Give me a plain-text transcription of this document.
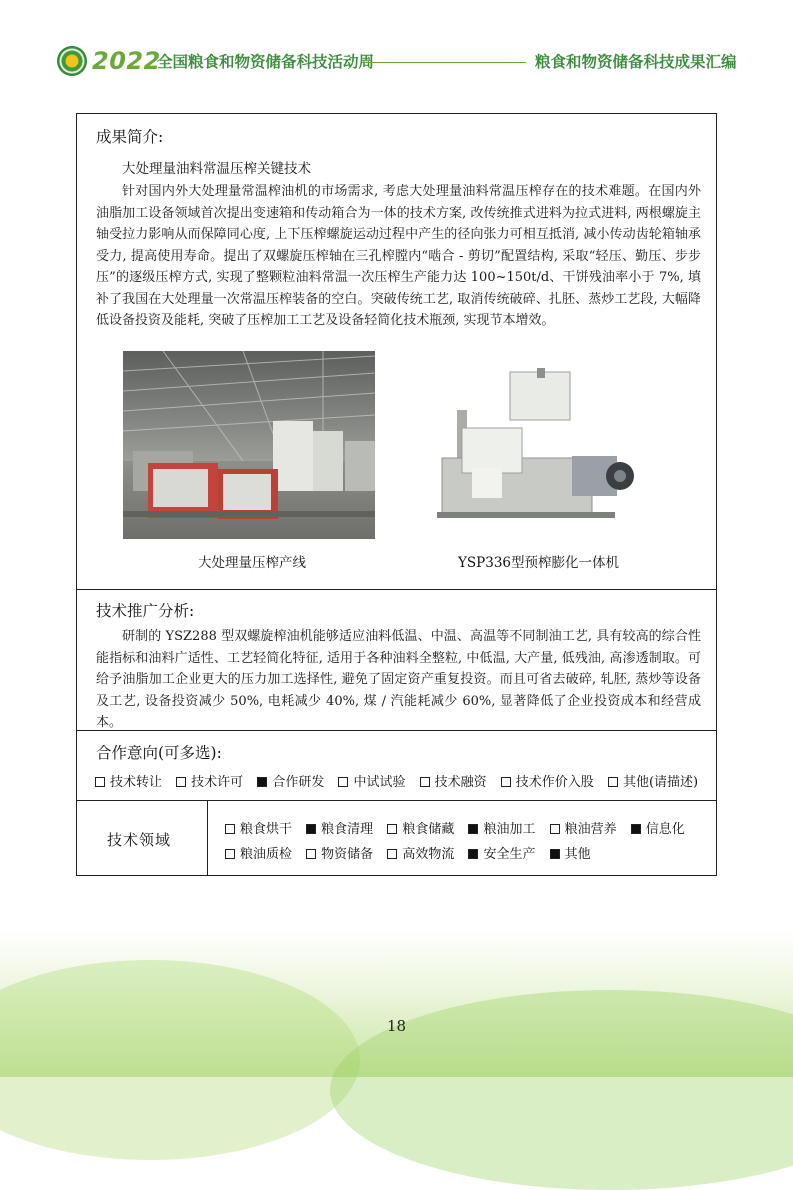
2022
全国粮食和物资储备科技活动周	粮食和物资储备科技成果汇编
成果简介:
大处理量油料常温压榨关键技术

针对国内外大处理量常温榨油机的市场需求, 考虑大处理量油料常温压榨存在的技术难题。在国内外油脂加工设备领域首次提出变速箱和传动箱合为一体的技术方案, 改传统推式进料为拉式进料, 两根螺旋主轴受拉力影响从而保障同心度, 上下压榨螺旋运动过程中产生的径向张力可相互抵消, 减小传动齿轮箱轴承受力, 提高使用寿命。提出了双螺旋压榨轴在三孔榨膛内“啮合 - 剪切”配置结构, 采取“轻压、勤压、步步压”的逐级压榨方式, 实现了整颗粒油料常温一次压榨生产能力达 100~150t/d、干饼残油率小于 7%, 填补了我国在大处理量一次常温压榨装备的空白。突破传统工艺, 取消传统破碎、扎胚、蒸炒工艺段, 大幅降低设备投资及能耗, 突破了压榨加工工艺及设备轻简化技术瓶颈, 实现节本增效。

大处理量压榨产线	YSP336型预榨膨化一体机
技术推广分析:

研制的 YSZ288 型双螺旋榨油机能够适应油料低温、中温、高温等不同制油工艺, 具有较高的综合性能指标和油料广适性、工艺轻简化特征, 适用于各种油料全整粒, 中低温, 大产量, 低残油, 高渗透制取。可给予油脂加工企业更大的压力加工选择性, 避免了固定资产重复投资。而且可省去破碎, 轧胚, 蒸炒等设备及工艺, 设备投资减少 50%, 电耗减少 40%, 煤 / 汽能耗减少 60%, 显著降低了企业投资成本和经营成本。

合作意向(可多选):
技术转让 技术许可 合作研发 中试试验 技术融资 技术作价入股 其他(请描述)
技术领域
粮食烘干 粮食清理 粮食储藏 粮油加工 粮油营养 信息化
粮油质检 物资储备 高效物流 安全生产 其他
18
